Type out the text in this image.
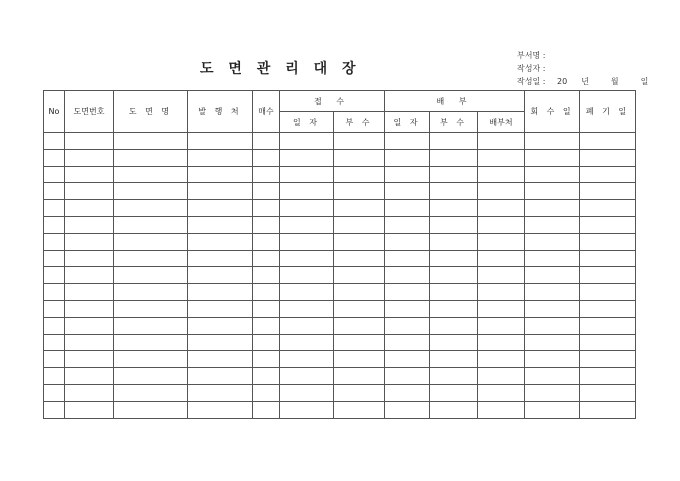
도 면 관 리 대 장
부서명 :
작성자 :
작성일 : 20 년	월	일
No	도면번호	도 면 명	발 행 처	매수	접 수		배 부			회 수 일	폐 기 일
					일 자	부 수	일 자	부 수	배부처		
